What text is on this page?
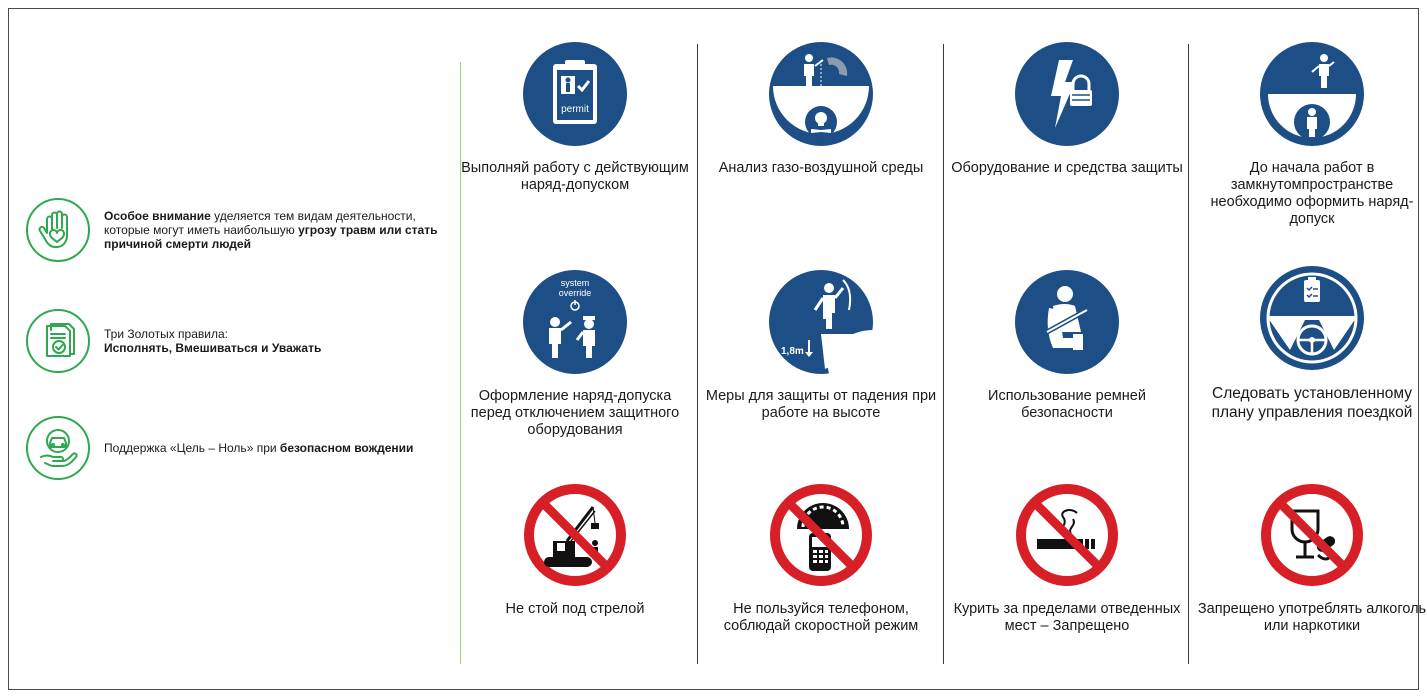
Особое внимание уделяется тем видам деятельности, которые могут иметь наибольшую угрозу травм или стать причиной смерти людей
Три Золотых правила:
Исполнять, Вмешиваться и Уважать
Поддержка «Цель – Ноль» при безопасном вождении
permit
Выполняй работу с действующим наряд-допуском
system
override
Оформление наряд-допуска перед отключением защитного оборудования
Не стой под стрелой
Анализ газо-воздушной среды
1,8m
Меры для защиты от падения при работе на высоте
Не пользуйся телефоном, соблюдай скоростной режим
Оборудование и средства защиты
Использование ремней безопасности
Курить за пределами отведенных мест – Запрещено
До начала работ в замкнутомпространстве необходимо оформить наряд-допуск
Следовать установленному плану управления поездкой
Запрещено употреблять алкоголь или наркотики
